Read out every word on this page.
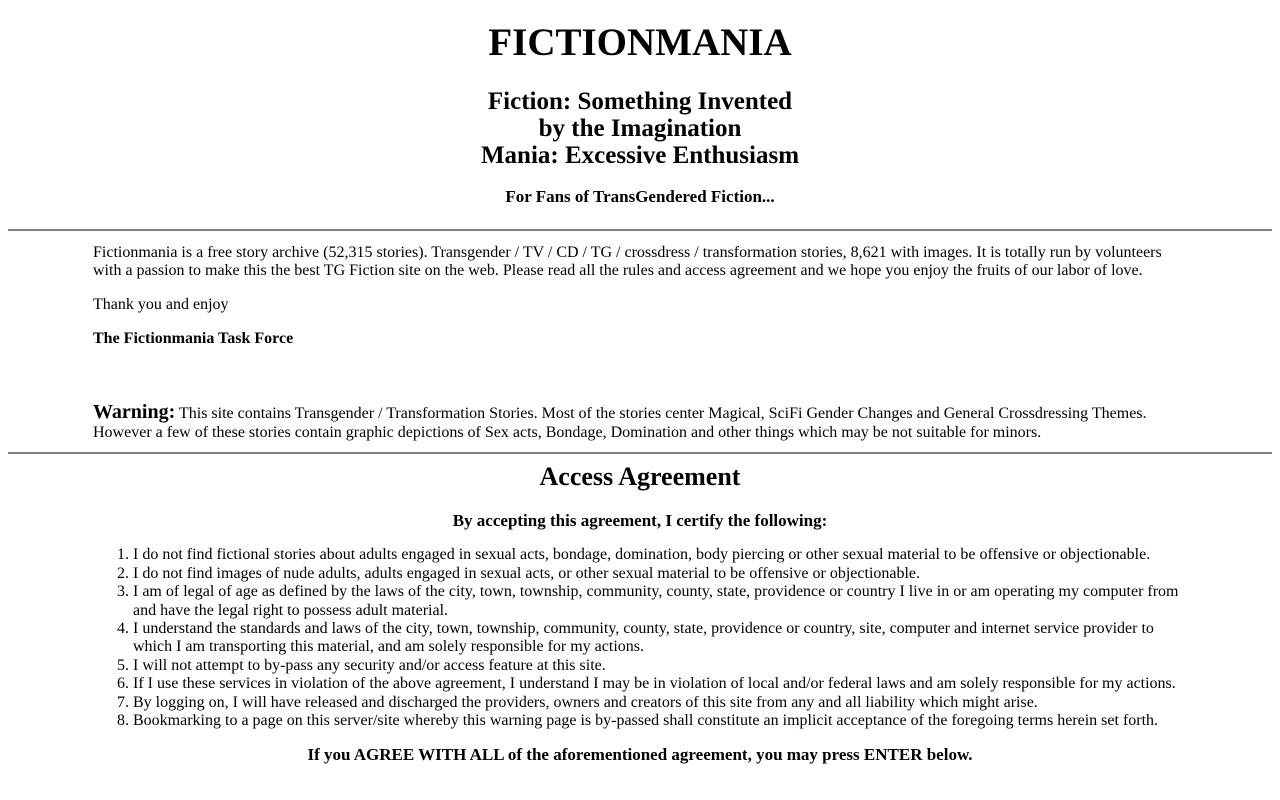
FICTIONMANIA
Fiction: Something Invented
by the Imagination
Mania: Excessive Enthusiasm
For Fans of TransGendered Fiction...

Fictionmania is a free story archive (52,315 stories). Transgender / TV / CD / TG / crossdress / transformation stories, 8,621 with images. It is totally run by volunteers with a passion to make this the best TG Fiction site on the web. Please read all the rules and access agreement and we hope you enjoy the fruits of our labor of love.

Thank you and enjoy

The Fictionmania Task Force

Warning: This site contains Transgender / Transformation Stories. Most of the stories center Magical, SciFi Gender Changes and General Crossdressing Themes. However a few of these stories contain graphic depictions of Sex acts, Bondage, Domination and other things which may be not suitable for minors.

Access Agreement
By accepting this agreement, I certify the following:
1. I do not find fictional stories about adults engaged in sexual acts, bondage, domination, body piercing or other sexual material to be offensive or objectionable.
2. I do not find images of nude adults, adults engaged in sexual acts, or other sexual material to be offensive or objectionable.
3. I am of legal of age as defined by the laws of the city, town, township, community, county, state, providence or country I live in or am operating my computer from and have the legal right to possess adult material.
4. I understand the standards and laws of the city, town, township, community, county, state, providence or country, site, computer and internet service provider to which I am transporting this material, and am solely responsible for my actions.
5. I will not attempt to by-pass any security and/or access feature at this site.
6. If I use these services in violation of the above agreement, I understand I may be in violation of local and/or federal laws and am solely responsible for my actions.
7. By logging on, I will have released and discharged the providers, owners and creators of this site from any and all liability which might arise.
8. Bookmarking to a page on this server/site whereby this warning page is by-passed shall constitute an implicit acceptance of the foregoing terms herein set forth.

If you AGREE WITH ALL of the aforementioned agreement, you may press ENTER below.
